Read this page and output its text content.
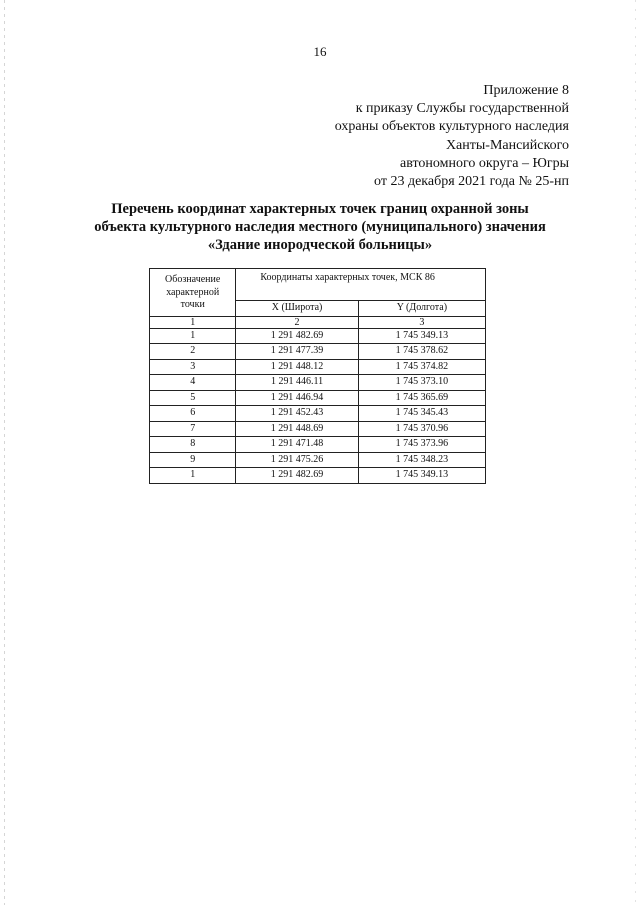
16
Приложение 8
к приказу Службы государственной
охраны объектов культурного наследия
Ханты-Мансийского
автономного округа – Югры
от 23 декабря 2021 года № 25-нп
Перечень координат характерных точек границ охранной зоны
объекта культурного наследия местного (муниципального) значения
«Здание инородческой больницы»
Обозначение
характерной
точки	Координаты характерных точек, МСК 86	
	X (Широта)	Y (Долгота)
1	2	3
1	1 291 482.69	1 745 349.13
2	1 291 477.39	1 745 378.62
3	1 291 448.12	1 745 374.82
4	1 291 446.11	1 745 373.10
5	1 291 446.94	1 745 365.69
6	1 291 452.43	1 745 345.43
7	1 291 448.69	1 745 370.96
8	1 291 471.48	1 745 373.96
9	1 291 475.26	1 745 348.23
1	1 291 482.69	1 745 349.13
